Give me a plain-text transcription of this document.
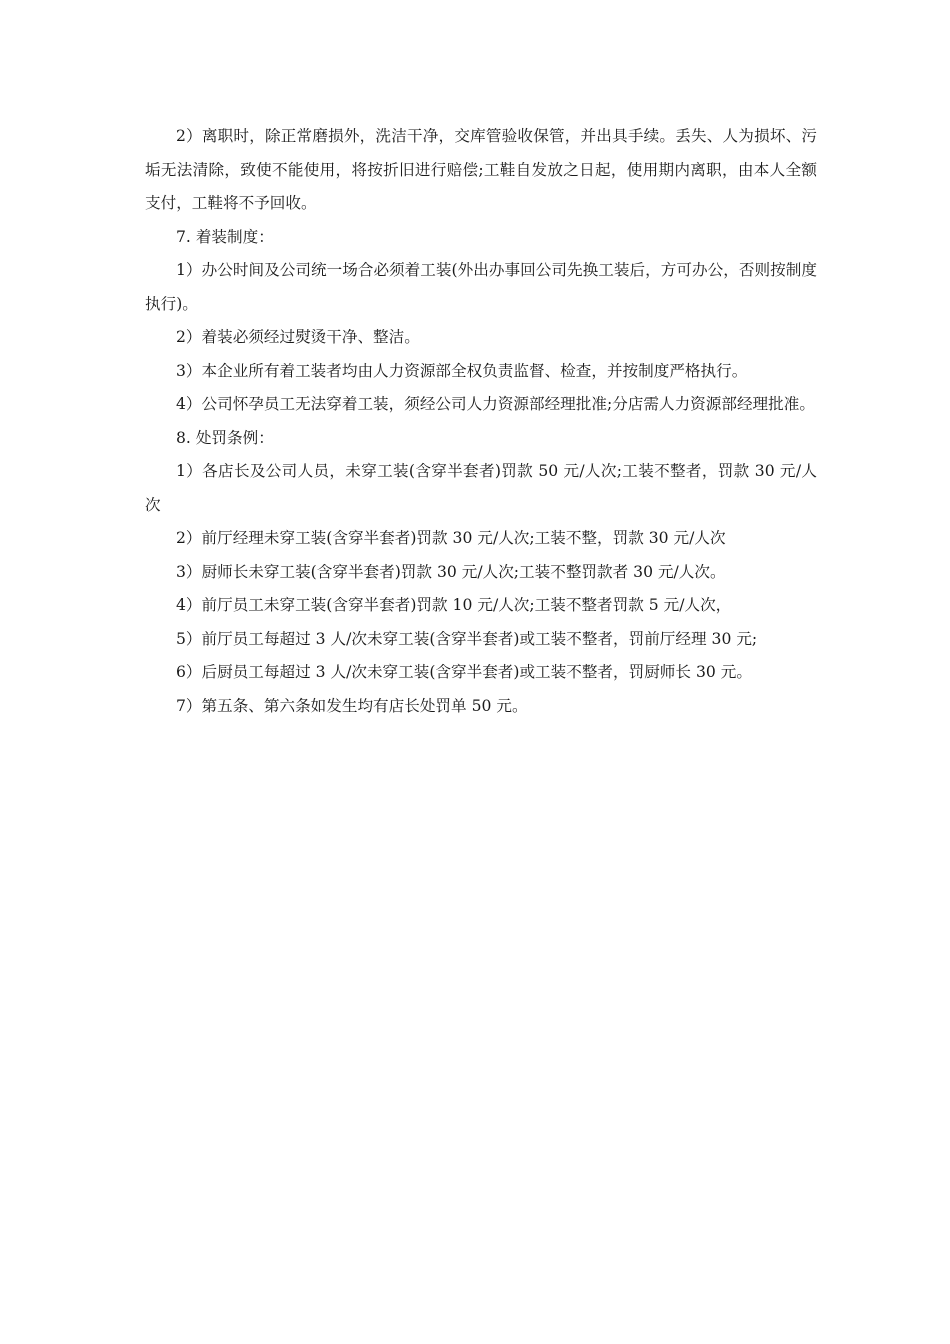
2）离职时，除正常磨损外，洗洁干净，交库管验收保管，并出具手续。丢失、人为损坏、污垢无法清除，致使不能使用，将按折旧进行赔偿;工鞋自发放之日起，使用期内离职，由本人全额支付，工鞋将不予回收。

7. 着装制度：

1）办公时间及公司统一场合必须着工装(外出办事回公司先换工装后，方可办公，否则按制度执行)。

2）着装必须经过熨烫干净、整洁。

3）本企业所有着工装者均由人力资源部全权负责监督、检查，并按制度严格执行。

4）公司怀孕员工无法穿着工装，须经公司人力资源部经理批准;分店需人力资源部经理批准。

8. 处罚条例：

1）各店长及公司人员，未穿工装(含穿半套者)罚款 50 元/人次;工装不整者，罚款 30 元/人次

2）前厅经理未穿工装(含穿半套者)罚款 30 元/人次;工装不整，罚款 30 元/人次

3）厨师长未穿工装(含穿半套者)罚款 30 元/人次;工装不整罚款者 30 元/人次。

4）前厅员工未穿工装(含穿半套者)罚款 10 元/人次;工装不整者罚款 5 元/人次，

5）前厅员工每超过 3 人/次未穿工装(含穿半套者)或工装不整者，罚前厅经理 30 元;

6）后厨员工每超过 3 人/次未穿工装(含穿半套者)或工装不整者，罚厨师长 30 元。

7）第五条、第六条如发生均有店长处罚单 50 元。
